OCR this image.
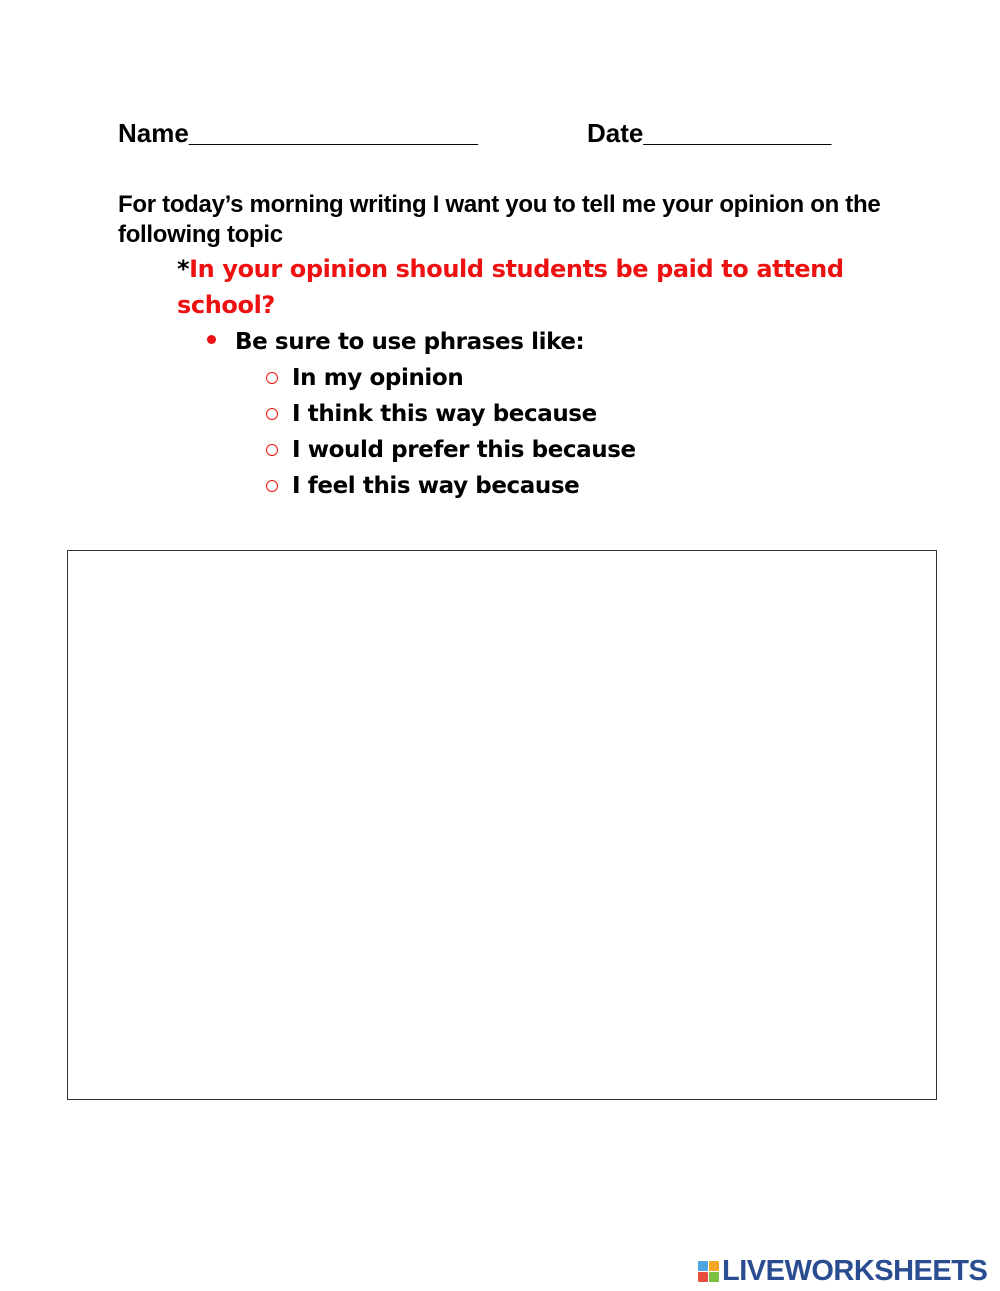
Name____________________	Date_____________
For today’s morning writing I want you to tell me your opinion on the following topic
*In your opinion should students be paid to attend school?
Be sure to use phrases like:
In my opinion
I think this way because
I would prefer this because
I feel this way because
LIVEWORKSHEETS
